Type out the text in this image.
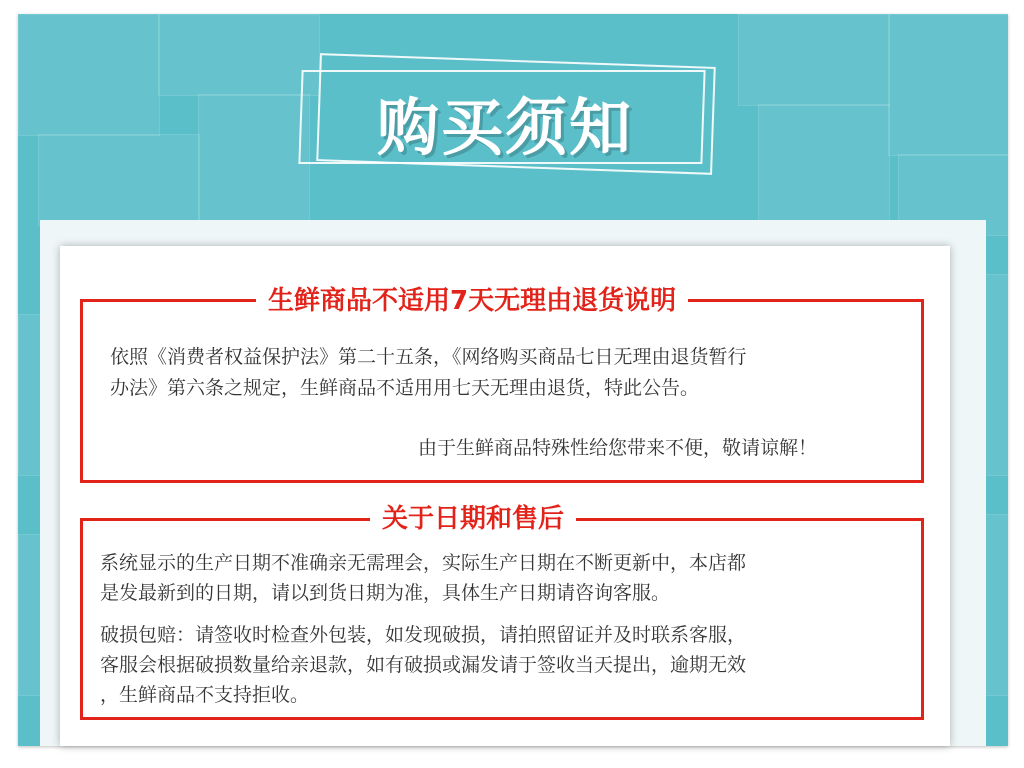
购买须知
生鲜商品不适用7天无理由退货说明
依照《消费者权益保护法》第二十五条，《网络购买商品七日无理由退货暂行
办法》第六条之规定，生鲜商品不适用用七天无理由退货，特此公告。
由于生鲜商品特殊性给您带来不便，敬请谅解！
关于日期和售后
系统显示的生产日期不准确亲无需理会，实际生产日期在不断更新中，本店都
是发最新到的日期，请以到货日期为准，具体生产日期请咨询客服。
破损包赔：请签收时检查外包装，如发现破损，请拍照留证并及时联系客服，
客服会根据破损数量给亲退款，如有破损或漏发请于签收当天提出，逾期无效
，生鲜商品不支持拒收。
